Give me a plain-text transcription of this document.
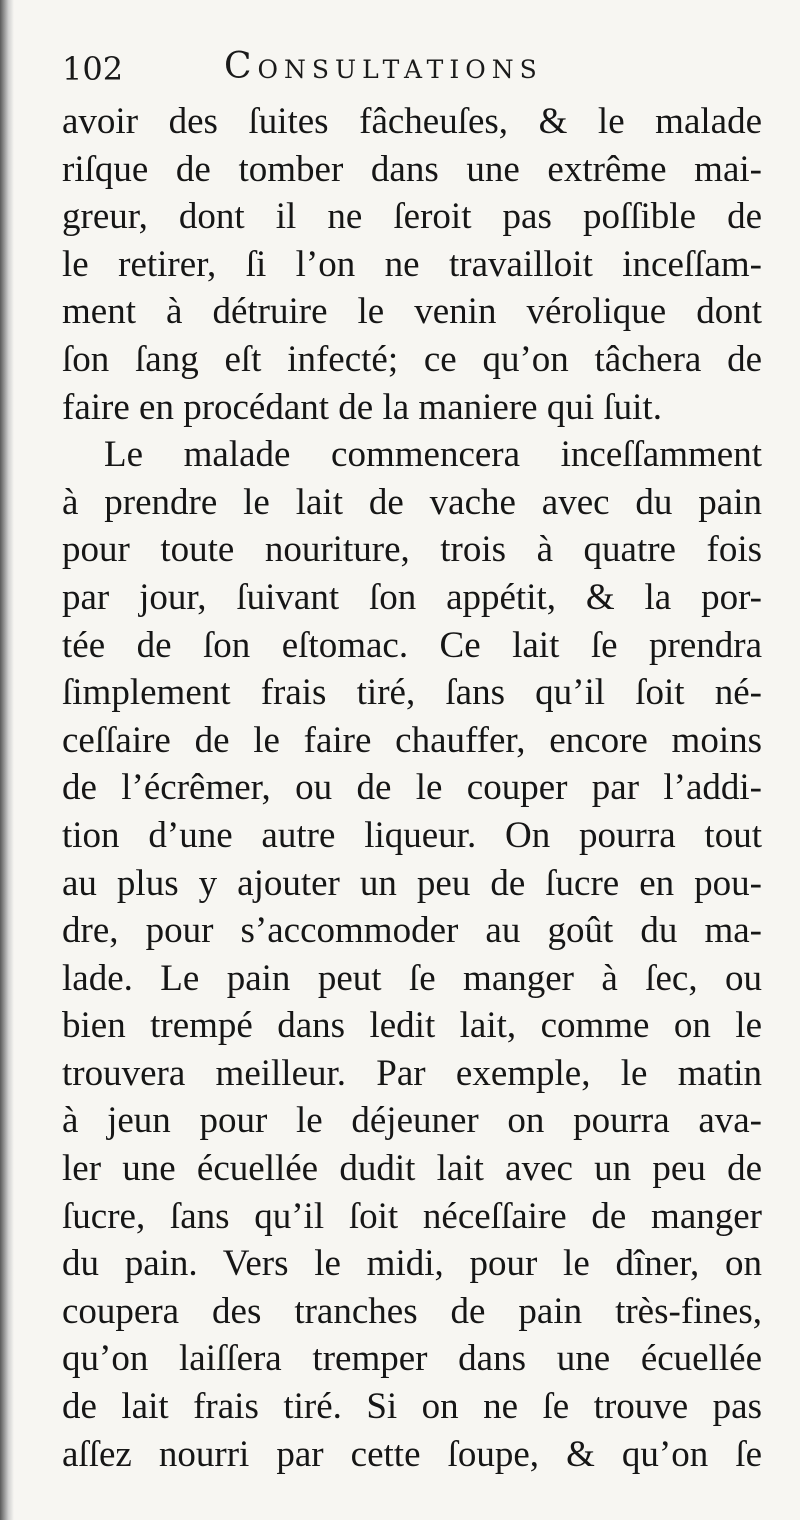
102	Consultations
avoir des ſuites fâcheuſes, & le malade
riſque de tomber dans une extrême mai-
greur, dont il ne ſeroit pas poſſible de
le retirer, ſi l’on ne travailloit inceſſam-
ment à détruire le venin vérolique dont
ſon ſang eſt infecté; ce qu’on tâchera de
faire en procédant de la maniere qui ſuit.
Le malade commencera inceſſamment
à prendre le lait de vache avec du pain
pour toute nouriture, trois à quatre fois
par jour, ſuivant ſon appétit, & la por-
tée de ſon eſtomac. Ce lait ſe prendra
ſimplement frais tiré, ſans qu’il ſoit né-
ceſſaire de le faire chauffer, encore moins
de l’écrêmer, ou de le couper par l’addi-
tion d’une autre liqueur. On pourra tout
au plus y ajouter un peu de ſucre en pou-
dre, pour s’accommoder au goût du ma-
lade. Le pain peut ſe manger à ſec, ou
bien trempé dans ledit lait, comme on le
trouvera meilleur. Par exemple, le matin
à jeun pour le déjeuner on pourra ava-
ler une écuellée dudit lait avec un peu de
ſucre, ſans qu’il ſoit néceſſaire de manger
du pain. Vers le midi, pour le dîner, on
coupera des tranches de pain très-fines,
qu’on laiſſera tremper dans une écuellée
de lait frais tiré. Si on ne ſe trouve pas
aſſez nourri par cette ſoupe, & qu’on ſe
